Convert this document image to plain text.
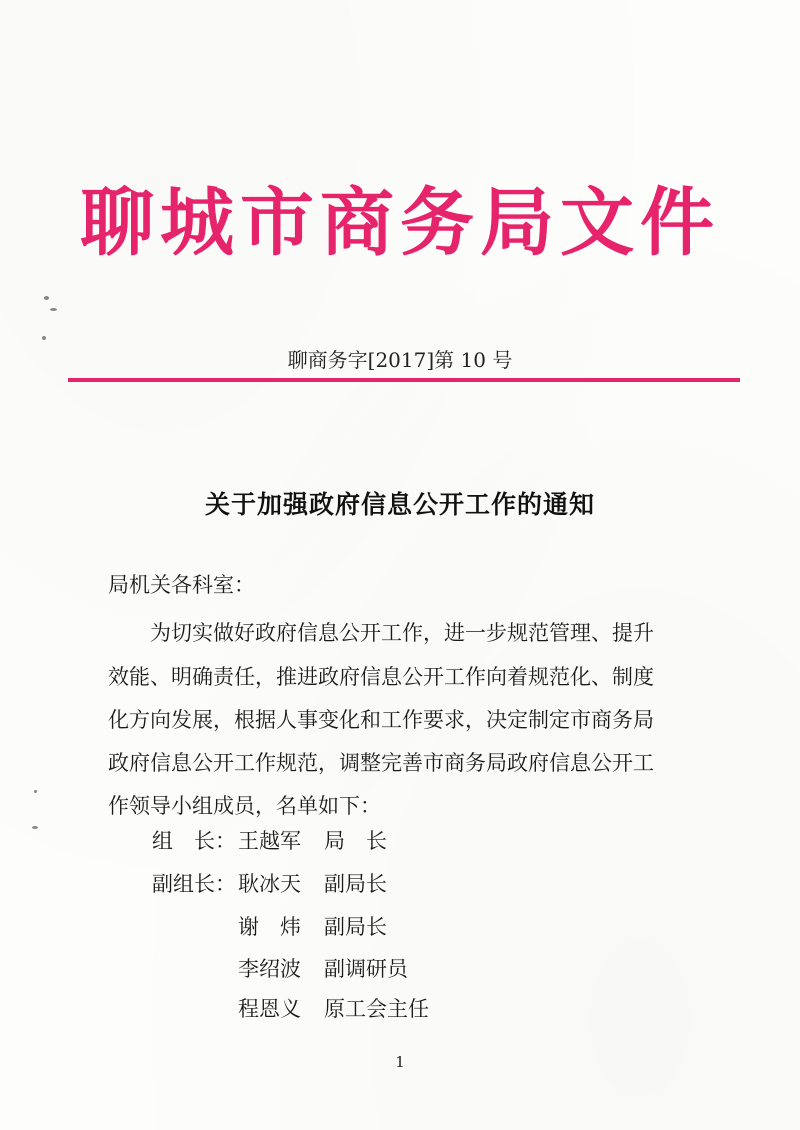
聊城市商务局文件
聊商务字[2017]第 10 号
关于加强政府信息公开工作的通知
局机关各科室：
　　为切实做好政府信息公开工作，进一步规范管理、提升
效能、明确责任，推进政府信息公开工作向着规范化、制度
化方向发展，根据人事变化和工作要求，决定制定市商务局
政府信息公开工作规范，调整完善市商务局政府信息公开工
作领导小组成员，名单如下：
组　长：王越军 局　长
副组长：耿冰天 副局长
谢　炜 副局长
李绍波 副调研员
程恩义 原工会主任
1
